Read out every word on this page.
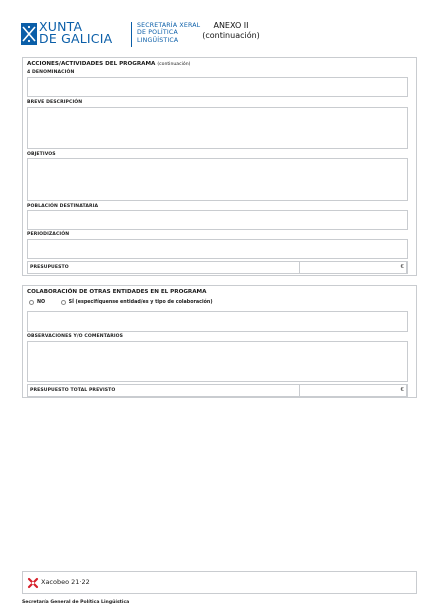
XUNTA
DE GALICIA
SECRETARÍA XERAL
DE POLÍTICA
LINGÜÍSTICA
ANEXO II
(continuación)
ACCIONES/ACTIVIDADES DEL PROGRAMA (continuación)
4 DENOMINACIÓN
BREVE DESCRIPCIÓN
OBJETIVOS
POBLACIÓN DESTINATARIA
PERIODIZACIÓN
PRESUPUESTO	€
COLABORACIÓN DE OTRAS ENTIDADES EN EL PROGRAMA
NO
	SÍ (especifíquense entidad/es y tipo de colaboración)
OBSERVACIONES Y/O COMENTARIOS
PRESUPUESTO TOTAL PREVISTO	€
Xacobeo 21·22
Secretaría General de Política Lingüística
